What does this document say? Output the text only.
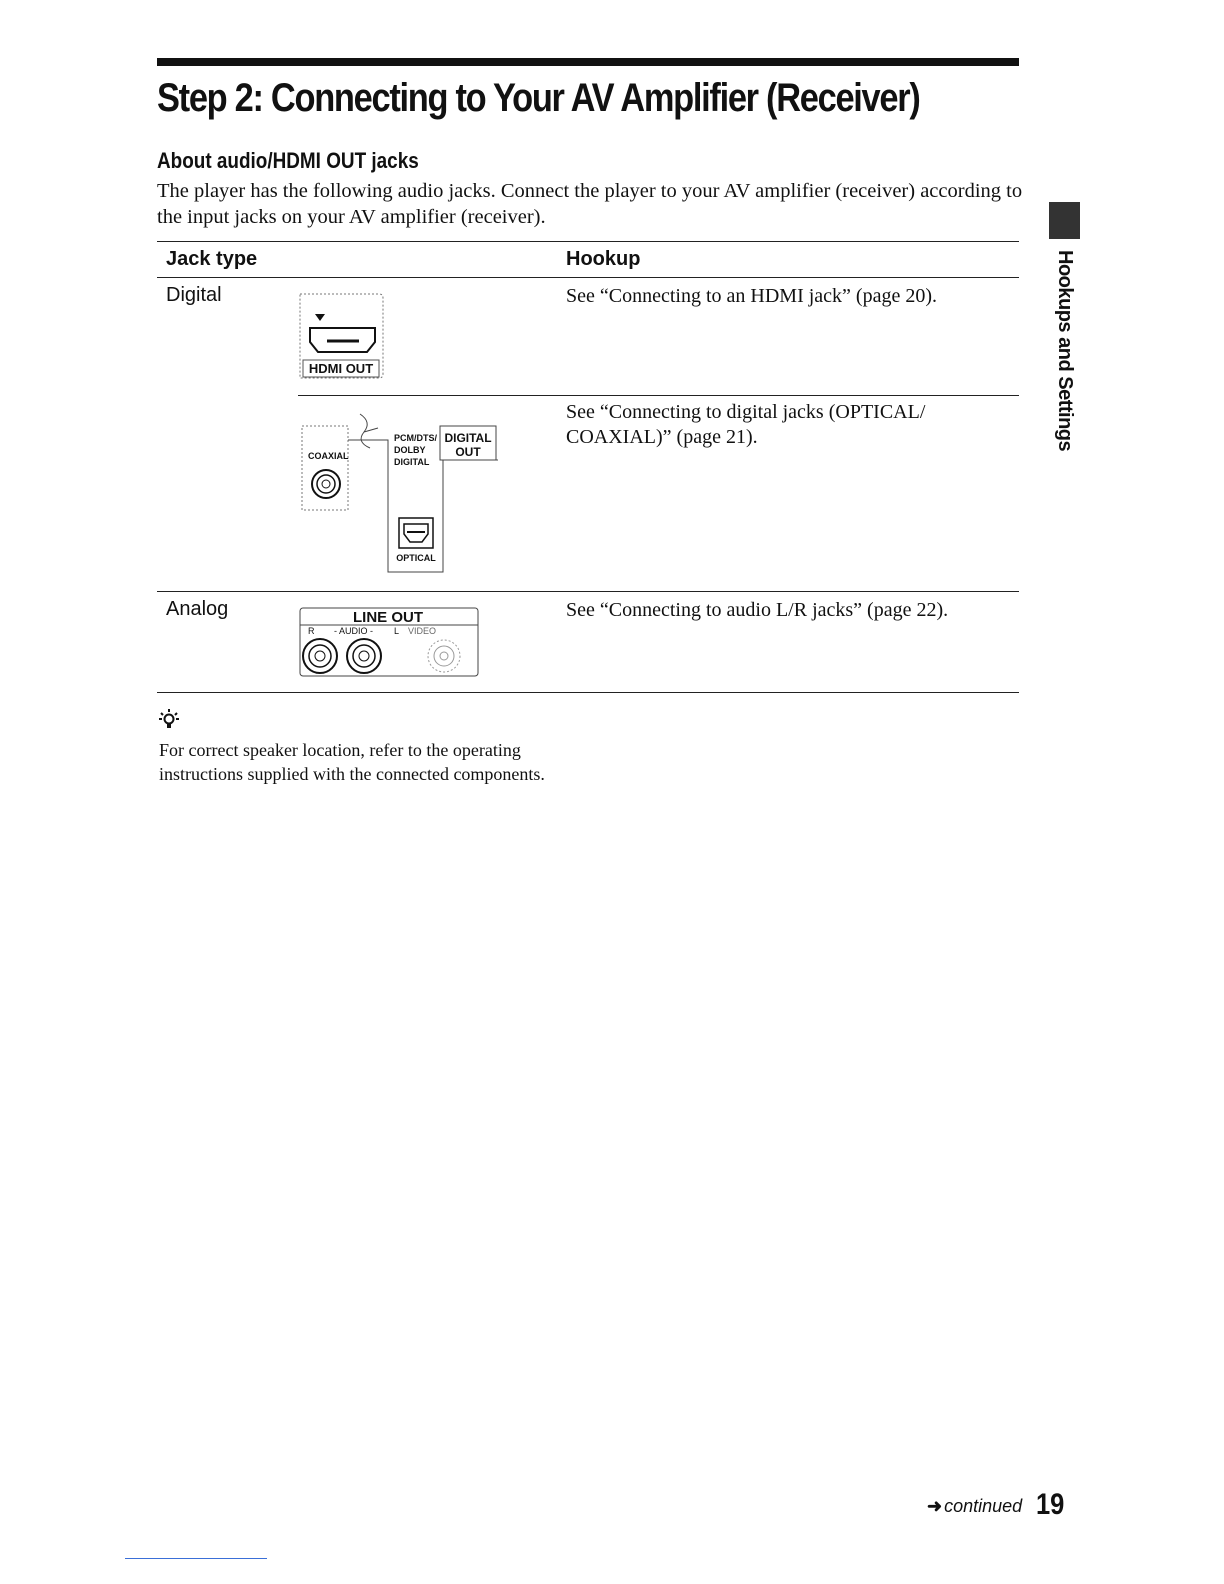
Step 2: Connecting to Your AV Amplifier (Receiver)
About audio/HDMI OUT jacks
The player has the following audio jacks. Connect the player to your AV amplifier (receiver) according to the input jacks on your AV amplifier (receiver).
Jack type	Hookup
Digital	See “Connecting to an HDMI jack” (page 20).
See “Connecting to digital jacks (OPTICAL/ COAXIAL)” (page 21).
Analog	See “Connecting to audio L/R jacks” (page 22).
HDMI OUT
COAXIAL
PCM/DTS/
DOLBY
DIGITAL
DIGITAL
OUT
OPTICAL
LINE OUT
R - AUDIO - L VIDEO
For correct speaker location, refer to the operating instructions supplied with the connected components.
Hookups and Settings
➜ continued 19
